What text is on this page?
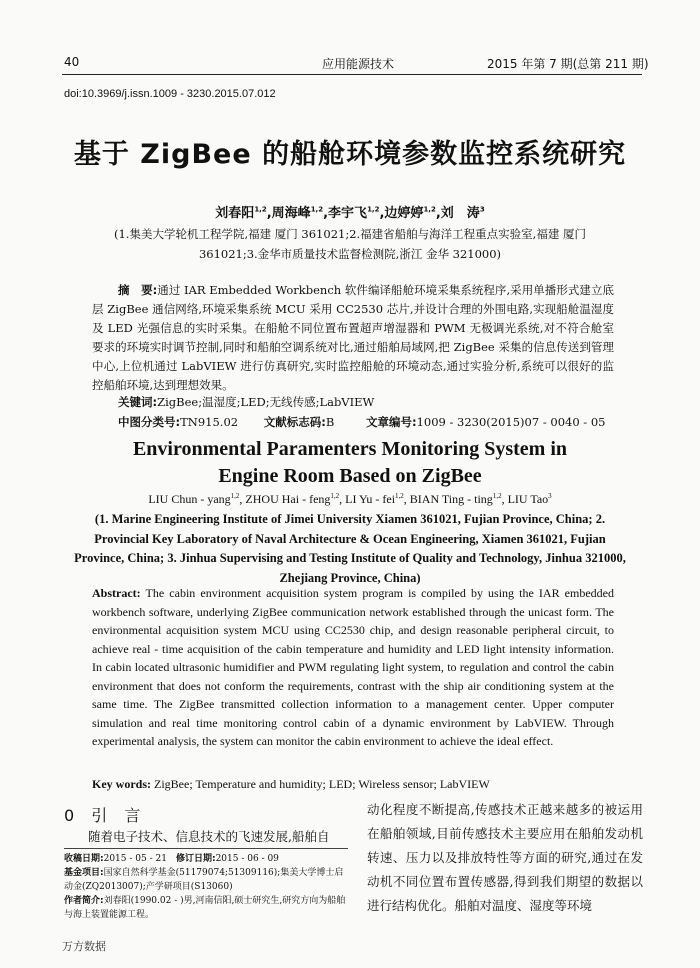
40	应用能源技术	2015 年第 7 期(总第 211 期)
doi:10.3969/j.issn.1009 - 3230.2015.07.012
基于 ZigBee 的船舱环境参数监控系统研究
刘春阳$^{1,2}$,周海峰$^{1,2}$,李宇飞$^{1,2}$,边婷婷$^{1,2}$,刘　涛$^3$
(1.集美大学轮机工程学院,福建 厦门 361021;2.福建省船舶与海洋工程重点实验室,福建 厦门 361021;3.金华市质量技术监督检测院,浙江 金华 321000)
摘　要:通过 IAR Embedded Workbench 软件编译船舱环境采集系统程序,采用单播形式建立底层 ZigBee 通信网络,环境采集系统 MCU 采用 CC2530 芯片,并设计合理的外围电路,实现船舱温湿度及 LED 光强信息的实时采集。在船舱不同位置布置超声增湿器和 PWM 无极调光系统,对不符合舱室要求的环境实时调节控制,同时和船舶空调系统对比,通过船舶局域网,把 ZigBee 采集的信息传送到管理中心,上位机通过 LabVIEW 进行仿真研究,实时监控船舱的环境动态,通过实验分析,系统可以很好的监控船舶环境,达到理想效果。
关键词:ZigBee;温湿度;LED;无线传感;LabVIEW
中图分类号:TN915.02 文献标志码:B	文章编号:1009 - 3230(2015)07 - 0040 - 05
Environmental Paramenters Monitoring System in
Engine Room Based on ZigBee
LIU Chun - yang$^{1,2}$, ZHOU Hai - feng$^{1,2}$, LI Yu - fei$^{1,2}$, BIAN Ting - ting$^{1,2}$, LIU Tao$^3$
(1. Marine Engineering Institute of Jimei University Xiamen 361021, Fujian Province, China; 2. Provincial Key Laboratory of Naval Architecture & Ocean Engineering, Xiamen 361021, Fujian Province, China; 3. Jinhua Supervising and Testing Institute of Quality and Technology, Jinhua 321000, Zhejiang Province, China)
Abstract: The cabin environment acquisition system program is compiled by using the IAR embedded workbench software, underlying ZigBee communication network established through the unicast form. The environmental acquisition system MCU using CC2530 chip, and design reasonable peripheral circuit, to achieve real - time acquisition of the cabin temperature and humidity and LED light intensity information. In cabin located ultrasonic humidifier and PWM regulating light system, to regulation and control the cabin environment that does not conform the requirements, contrast with the ship air conditioning system at the same time. The ZigBee transmitted collection information to a management center. Upper computer simulation and real time monitoring control cabin of a dynamic environment by LabVIEW. Through experimental analysis, the system can monitor the cabin environment to achieve the ideal effect.
Key words: ZigBee; Temperature and humidity; LED; Wireless sensor; LabVIEW
0 引 言
随着电子技术、信息技术的飞速发展,船舶自
收稿日期:2015 - 05 - 21　 修订日期:2015 - 06 - 09
基金项目:国家自然科学基金(51179074;51309116);集美大学博士启动金(ZQ2013007);产学研项目(S13060)
作者简介:刘春阳(1990.02 - )男,河南信阳,硕士研究生,研究方向为船舶与海上装置能源工程。
动化程度不断提高,传感技术正越来越多的被运用在船舶领域,目前传感技术主要应用在船舶发动机转速、压力以及排放特性等方面的研究,通过在发动机不同位置布置传感器,得到我们期望的数据以进行结构优化。船舶对温度、湿度等环境
万方数据
